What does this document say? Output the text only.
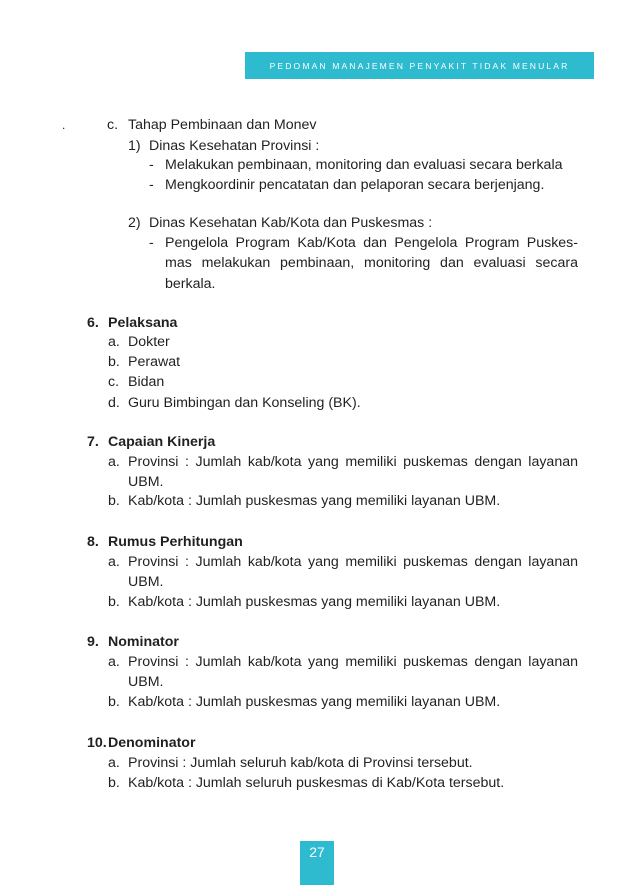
PEDOMAN MANAJEMEN PENYAKIT TIDAK MENULAR
.	c. Tahap Pembinaan dan Monev
1) Dinas Kesehatan Provinsi :
- Melakukan pembinaan, monitoring dan evaluasi secara berkala
- Mengkoordinir pencatatan dan pelaporan secara berjenjang.
2) Dinas Kesehatan Kab/Kota dan Puskesmas :
- Pengelola Program Kab/Kota dan Pengelola Program Puskes-
mas melakukan pembinaan, monitoring dan evaluasi secara
berkala.
6. Pelaksana
a. Dokter
b. Perawat
c. Bidan
d. Guru Bimbingan dan Konseling (BK).
7. Capaian Kinerja
a. Provinsi : Jumlah kab/kota yang memiliki puskemas dengan layanan
UBM.
b. Kab/kota : Jumlah puskesmas yang memiliki layanan UBM.
8. Rumus Perhitungan
a. Provinsi : Jumlah kab/kota yang memiliki puskemas dengan layanan
UBM.
b. Kab/kota : Jumlah puskesmas yang memiliki layanan UBM.
9. Nominator
a. Provinsi : Jumlah kab/kota yang memiliki puskemas dengan layanan
UBM.
b. Kab/kota : Jumlah puskesmas yang memiliki layanan UBM.
10. Denominator
a. Provinsi : Jumlah seluruh kab/kota di Provinsi tersebut.
b. Kab/kota : Jumlah seluruh puskesmas di Kab/Kota tersebut.
27
